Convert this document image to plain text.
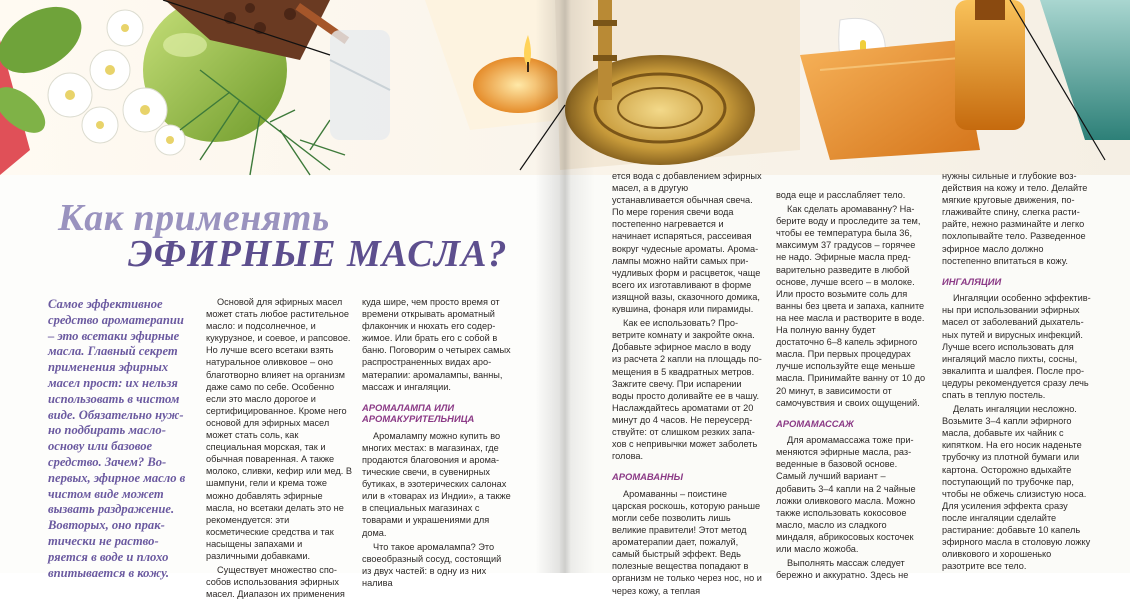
Как применять
ЭФИРНЫЕ МАСЛА?

Самое эффективное средство аромaтерапии – это всетаки эфирные масла. Главный секрет применения эфирных масел прост: их нельзя использовать в чистом виде. Обязательно нужно подбирать маслооснову или базовое средство. Зачем? Вопервых, эфирное масло в чистом виде может вызвать раздражение. Вовторых, оно практически не растворяется в воде и плохо впитывается в кожу.

Основой для эфирных масел может стать любое растительное масло: и подсолнечное, и кукурузное, и соевое, и рапсовое. Но лучше всего всетаки взять натуральное оливковое – оно благотворно влияет на организм даже само по себе. Особенно если это масло дорогое и сертифицированное. Кроме него основой для эфирных масел может стать соль, как специальная морская, так и обычная поваренная. А также молоко, сливки, кефир или мед. В шампуни, гели и крема тоже можно добавлять эфирные масла, но всетаки делать это не рекомендуется: эти косметические средства и так насыщены запахами и различными добавками.

Существует множество способов использования эфирных масел. Диапазон их применения

куда шире, чем просто время от времени открывать ароматный флакончик и нюхать его содержимое. Или брать его с собой в баню. Поговорим о четырех самых распространенных видах ароматерапии: аромалампы, ванны, массаж и ингаляции.

АРОМАЛАМПА ИЛИ АРОМАКУРИТЕЛЬНИЦА

Аромалампу можно купить во многих местах: в магазинах, где продаются благовония и ароматические свечи, в сувенирных бутиках, в эзотерических салонах или в «товарах из Индии», а также в специальных магазинах с товарами и украшениями для дома.

Что такое аромалампа? Это своеобразный сосуд, состоящий из двух частей: в одну из них налива

ется вода с добавлением эфирных масел, а в другую устанавливается обычная свеча. По мере горения свечи вода постепенно нагревается и начинает испаряться, рассеивая вокруг чудесные ароматы. Аромалампы можно найти самых причудливых форм и расцветок, чаще всего их изготавливают в форме изящной вазы, сказочного домика, кувшина, фонаря или пирамиды.

Как ее использовать? Проветрите комнату и закройте окна. Добавьте эфирное масло в воду из расчета 2 капли на площадь помещения в 5 квадратных метров. Зажгите свечу. При испарении воды просто доливайте ее в чашу. Наслаждайтесь ароматами от 20 минут до 4 часов. Не переусердствуйте: от слишком резких запахов с непривычки может заболеть голова.

АРОМАВАННЫ

Аромаванны – поистине царская роскошь, которую раньше могли себе позволить лишь великие правители! Этот метод ароматерапии дает, пожалуй, самый быстрый эффект. Ведь полезные вещества попадают в организм не только через нос, но и через кожу, а теплая

вода еще и расслабляет тело.

Как сделать аромаванну? Наберите воду и проследите за тем, чтобы ее температура была 36, максимум 37 градусов – горячее не надо. Эфирные масла предварительно разведите в любой основе, лучше всего – в молоке. Или просто возьмите соль для ванны без цвета и запаха, капните на нее масла и растворите в воде. На полную ванну будет достаточно 6–8 капель эфирного масла. При первых процедурах лучше используйте еще меньше масла. Принимайте ванну от 10 до 20 минут, в зависимости от самочувствия и своих ощущений.

АРОМАМАССАЖ

Для аромамассажа тоже применяются эфирные масла, разведенные в базовой основе. Самый лучший вариант – добавить 3–4 капли на 2 чайные ложки оливкового масла. Можно также использовать кокосовое масло, масло из сладкого миндаля, абрикосовых косточек или масло жожоба.

Выполнять массаж следует бережно и аккуратно. Здесь не

нужны сильные и глубокие воздействия на кожу и тело. Делайте мягкие круговые движения, поглаживайте спину, слегка растирайте, нежно разминайте и легко похлопывайте тело. Разведенное эфирное масло должно постепенно впитаться в кожу.

ИНГАЛЯЦИИ

Ингаляции особенно эффективны при использовании эфирных масел от заболеваний дыхательных путей и вирусных инфекций. Лучше всего использовать для ингаляций масло пихты, сосны, эвкалипта и шалфея. После процедуры рекомендуется сразу лечь спать в теплую постель.

Делать ингаляции несложно. Возьмите 3–4 капли эфирного масла, добавьте их чайник с кипятком. На его носик наденьте трубочку из плотной бумаги или картона. Осторожно вдыхайте поступающий по трубочке пар, чтобы не обжечь слизистую носа. Для усиления эффекта сразу после ингаляции сделайте растирание: добавьте 10 капель эфирного масла в столовую ложку оливкового и хорошенько разотрите все тело.
